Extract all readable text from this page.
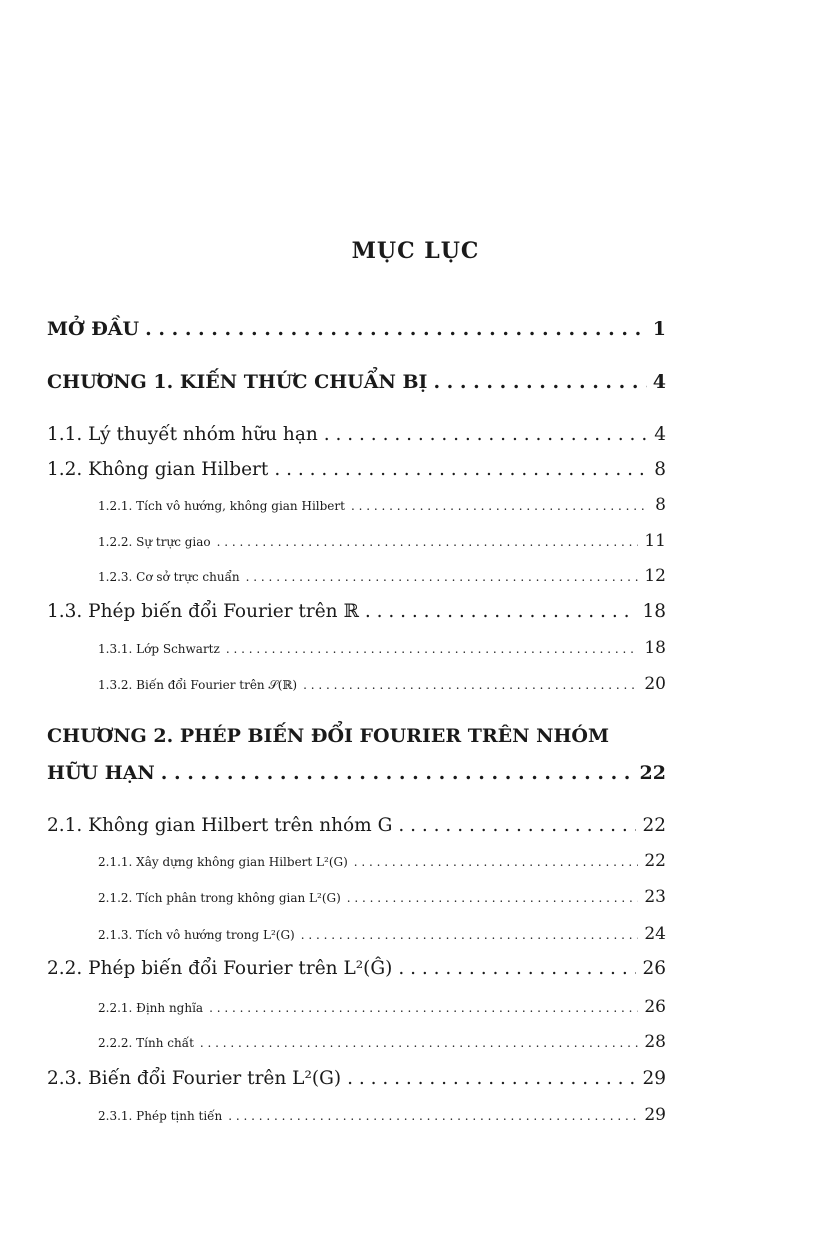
MỤC LỤC
MỞ ĐẦU . . .	1
CHƯƠNG 1. KIẾN THỨC CHUẨN BỊ . . .	4
1.1. Lý thuyết nhóm hữu hạn . . .	4
1.2. Không gian Hilbert . . .	8
1.2.1. Tích vô hướng, không gian Hilbert . . .	8
1.2.2. Sự trực giao . . .	11
1.2.3. Cơ sở trực chuẩn . . .	12
1.3. Phép biến đổi Fourier trên ℝ . . .	18
1.3.1. Lớp Schwartz . . .	18
1.3.2. Biến đổi Fourier trên 𝒮(ℝ) . . .	20
CHƯƠNG 2. PHÉP BIẾN ĐỔI FOURIER TRÊN NHÓM
HỮU HẠN . . .	22
2.1. Không gian Hilbert trên nhóm G . . .	22
2.1.1. Xây dựng không gian Hilbert L²(G) . . .	22
2.1.2. Tích phân trong không gian L²(G) . . .	23
2.1.3. Tích vô hướng trong L²(G) . . .	24
2.2. Phép biến đổi Fourier trên L²(Ĝ) . . .	26
2.2.1. Định nghĩa . . .	26
2.2.2. Tính chất . . .	28
2.3. Biến đổi Fourier trên L²(G) . . .	29
2.3.1. Phép tịnh tiến . . .	29
